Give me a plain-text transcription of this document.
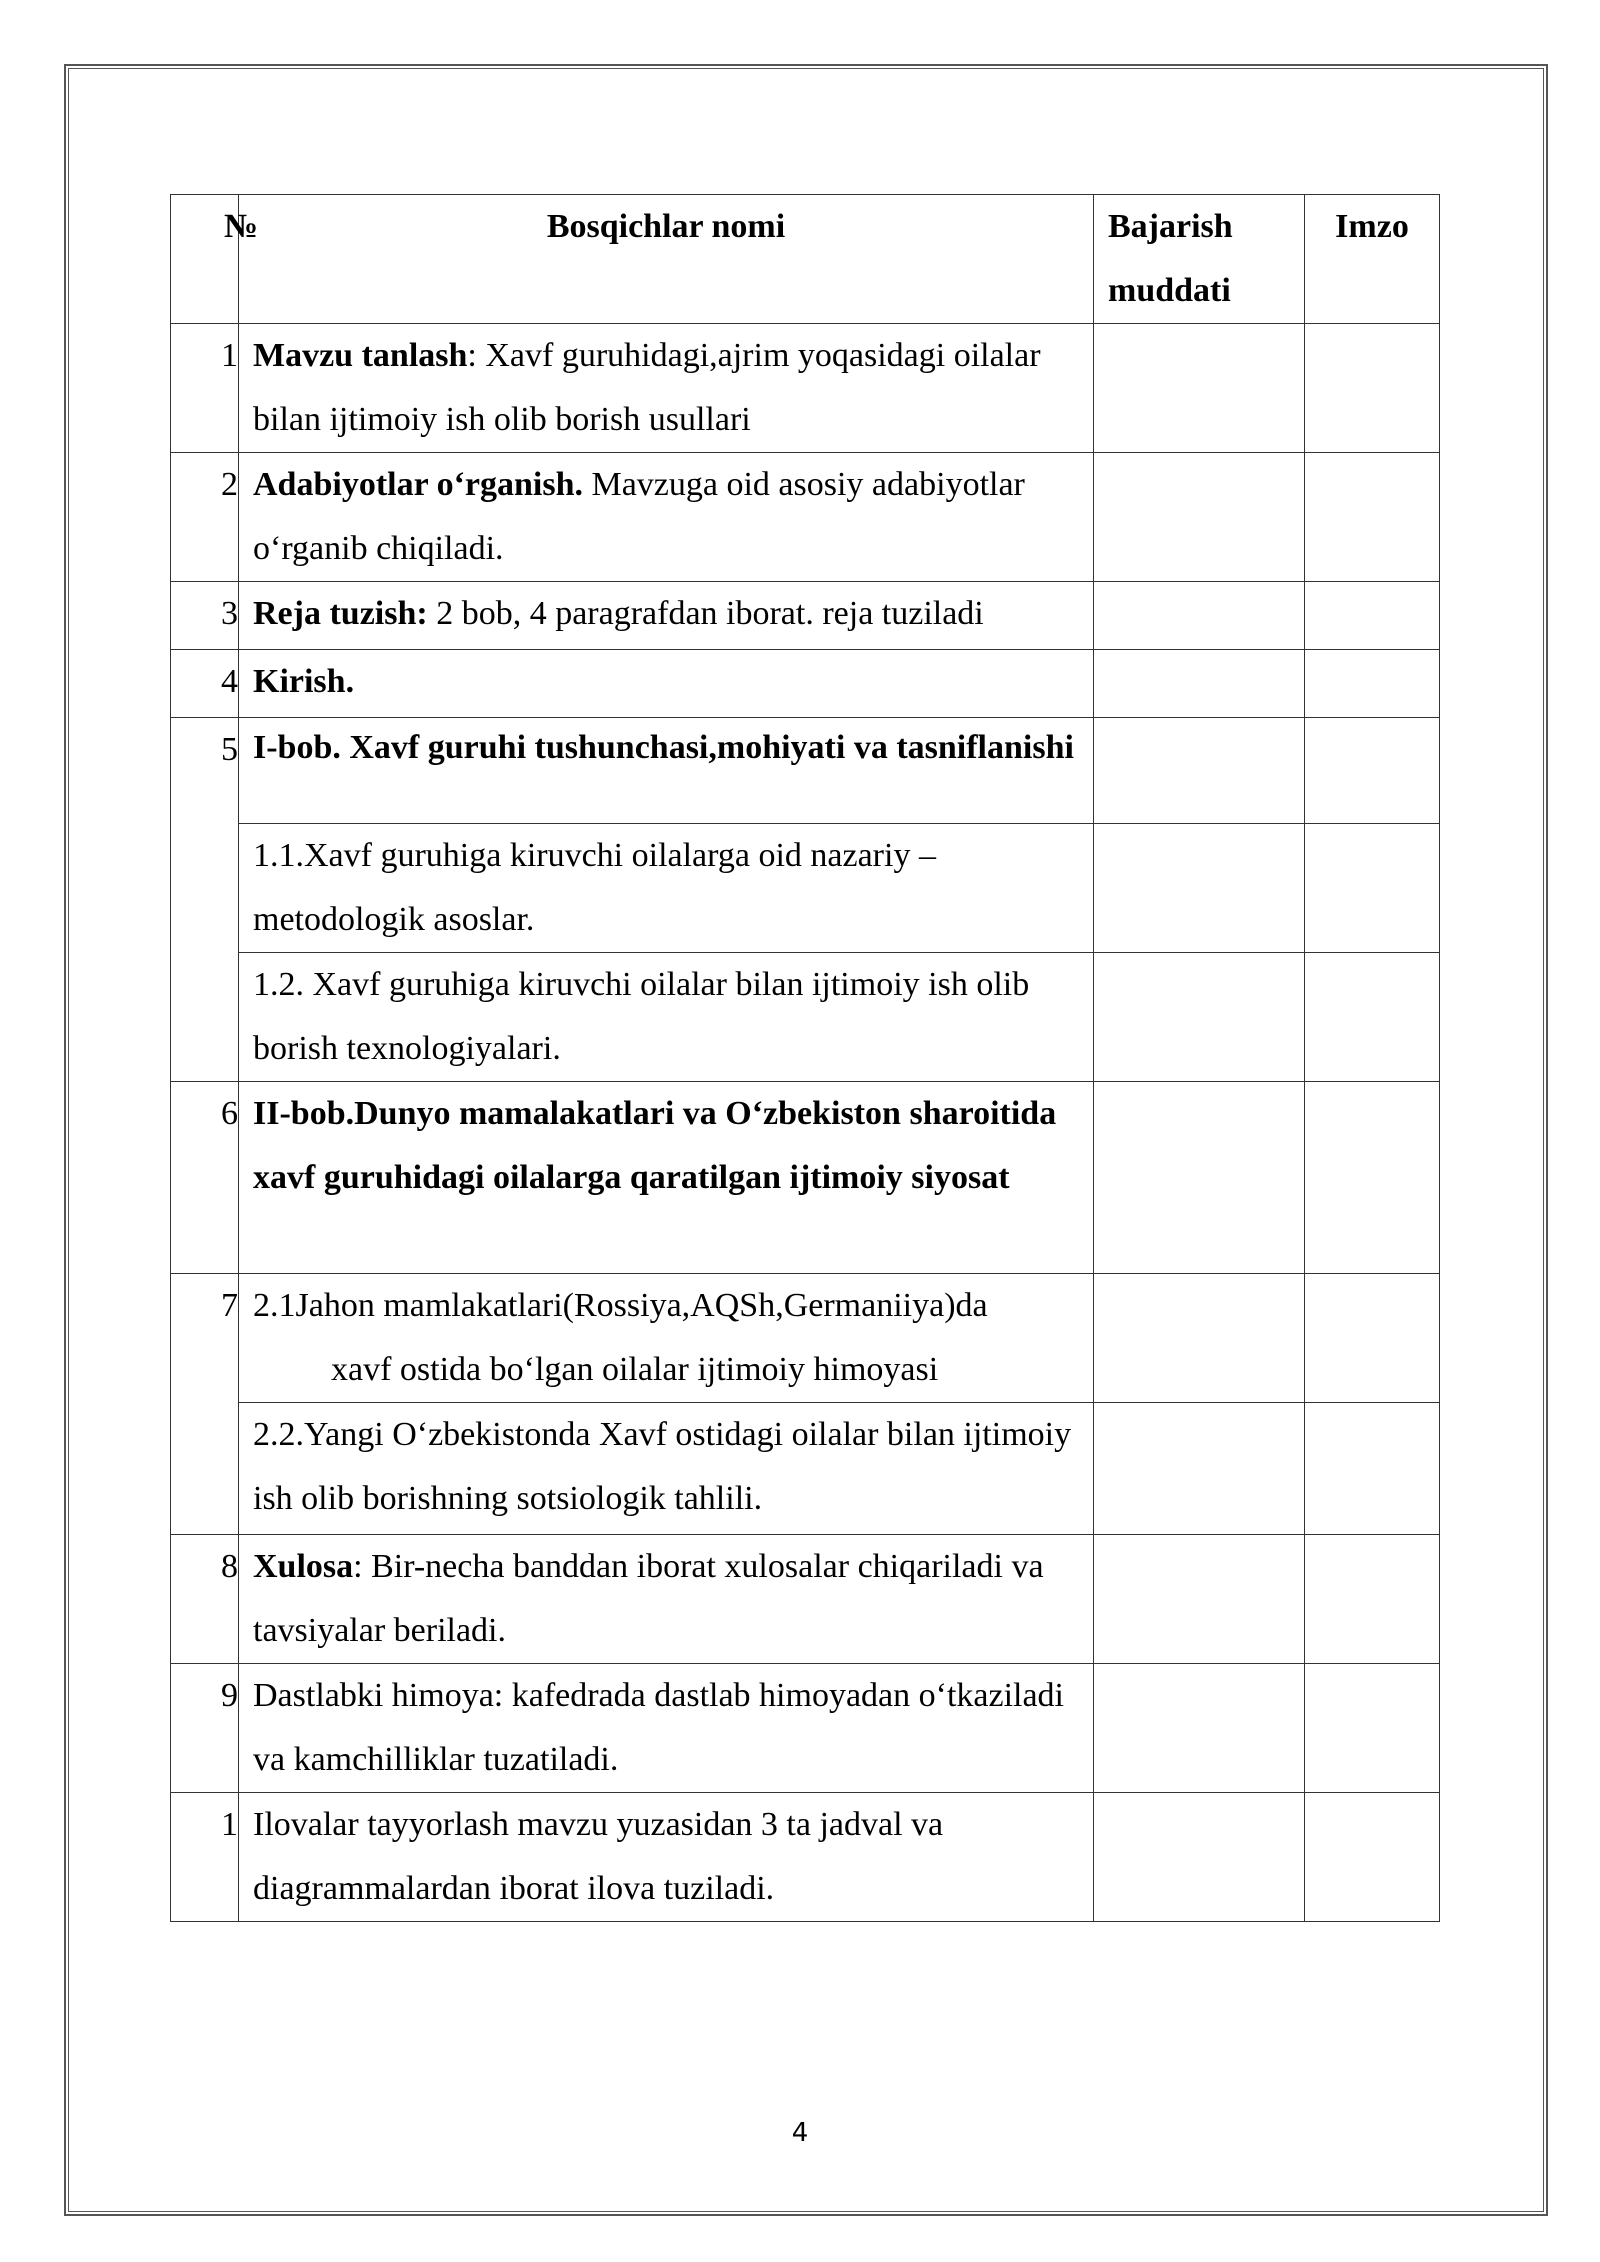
№	Bosqichlar nomi	Bajarish muddati	Imzo
1	Mavzu tanlash: Xavf guruhidagi,ajrim yoqasidagi oilalar bilan ijtimoiy ish olib borish usullari		
2	Adabiyotlar o‘rganish. Mavzuga oid asosiy adabiyotlar o‘rganib chiqiladi.		
3	Reja tuzish: 2 bob, 4 paragrafdan iborat. reja tuziladi		
4	Kirish.		
5	I-bob. Xavf guruhi tushunchasi,mohiyati va tasniflanishi		

	1.1.Xavf guruhiga kiruvchi oilalarga oid nazariy – metodologik asoslar.		
	1.2. Xavf guruhiga kiruvchi oilalar bilan ijtimoiy ish olib borish texnologiyalari.		
6	II-bob.Dunyo mamalakatlari va O‘zbekiston sharoitida xavf guruhidagi oilalarga qaratilgan ijtimoiy siyosat		
7	2.1Jahon mamlakatlari(Rossiya,AQSh,Germaniiya)da
xavf ostida bo‘lgan oilalar ijtimoiy himoyasi		
	2.2.Yangi O‘zbekistonda Xavf ostidagi oilalar bilan ijtimoiy ish olib borishning sotsiologik tahlili.		
8	Xulosa: Bir-necha banddan iborat xulosalar chiqariladi va tavsiyalar beriladi.		
9	Dastlabki himoya: kafedrada dastlab himoyadan o‘tkaziladi va kamchilliklar tuzatiladi.		
1	Ilovalar tayyorlash mavzu yuzasidan 3 ta jadval va diagrammalardan iborat ilova tuziladi.		
4
